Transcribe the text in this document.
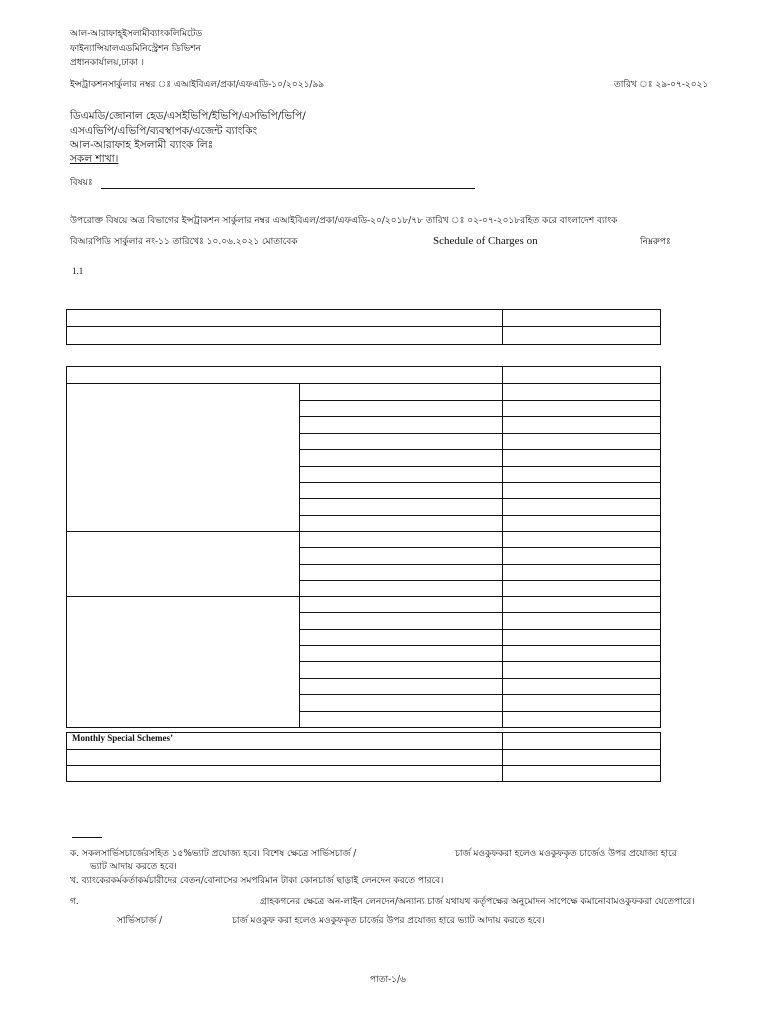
আল-আরাফাহ্‌ইসলামীব্যাংকলিমিটেড
ফাইন্যান্সিয়ালএডমিনিস্ট্রেশন ডিভিশন
প্রধানকার্যালয়,ঢাকা ।
ইন্সট্রাকশনসার্কুলার নম্বর ঃ এআইবিএল/প্রকা/এফএডি-১০/২০২১/৯৯	তারিখ ঃ ২৯-০৭-২০২১
ডিএমডি/জোনাল হেড/এসইভিপি/ইভিপি/এসভিপি/ভিপি/
এসএভিপি/এভিপি/ব্যবস্থাপক/এজেন্ট ব্যাংকিং
আল-আরাফাহ ইসলামী ব্যাংক লিঃ
সকল শাখা।
বিষয়ঃ
উপরোক্ত বিষয়ে অত্র বিভাগের ইন্সট্রাকশন সার্কুলার নম্বর এআইবিএল/প্রকা/এফএডি-২০/২০১৮/৭৮ তারিখ ঃ ০২-০৭-২০১৮রহিত করে বাংলাদেশ ব্যাংক
বিআরপিডি সার্কুলার নং-১১ তারিখেঃ ১০.০৬.২০২১ মোতাবেক	Schedule of Charges on	নিম্নরুপঃ
1.1
Monthly Special Schemes’
ক. সকলসার্ভিসচার্জেরসহিত ১৫%ভ্যাট প্রযোজ্য হবে। বিশেষ ক্ষেত্রে সার্ভিসচার্জ /	চার্জ মওকুফকরা হলেও মওকুফকৃত চার্জেও উপর প্রযোজ্য হারে
ভ্যাট আদায় করতে হবে।
খ. ব্যাংকেরকর্মকর্তাকর্মচারীদের বেতন/বোনাসের সমপরিমান টাকা কোনচার্জ ছাড়াই লেনদেন করতে পারবে।
গ.	গ্রাহকগনের ক্ষেত্রে অন-লাইন লেনদেন/অন্যান্য চার্জ যথাযথ কর্তৃপক্ষের অনুমোদন সাপেক্ষে কমানোবামওকুফকরা যেতেপারে।
সার্ভিসচার্জ /	চার্জ মওকুফ করা হলেও মওকুফকৃত চার্জের উপর প্রযোজ্য হারে ভ্যাট আদায় করতে হবে।
পাতা-১/৬
